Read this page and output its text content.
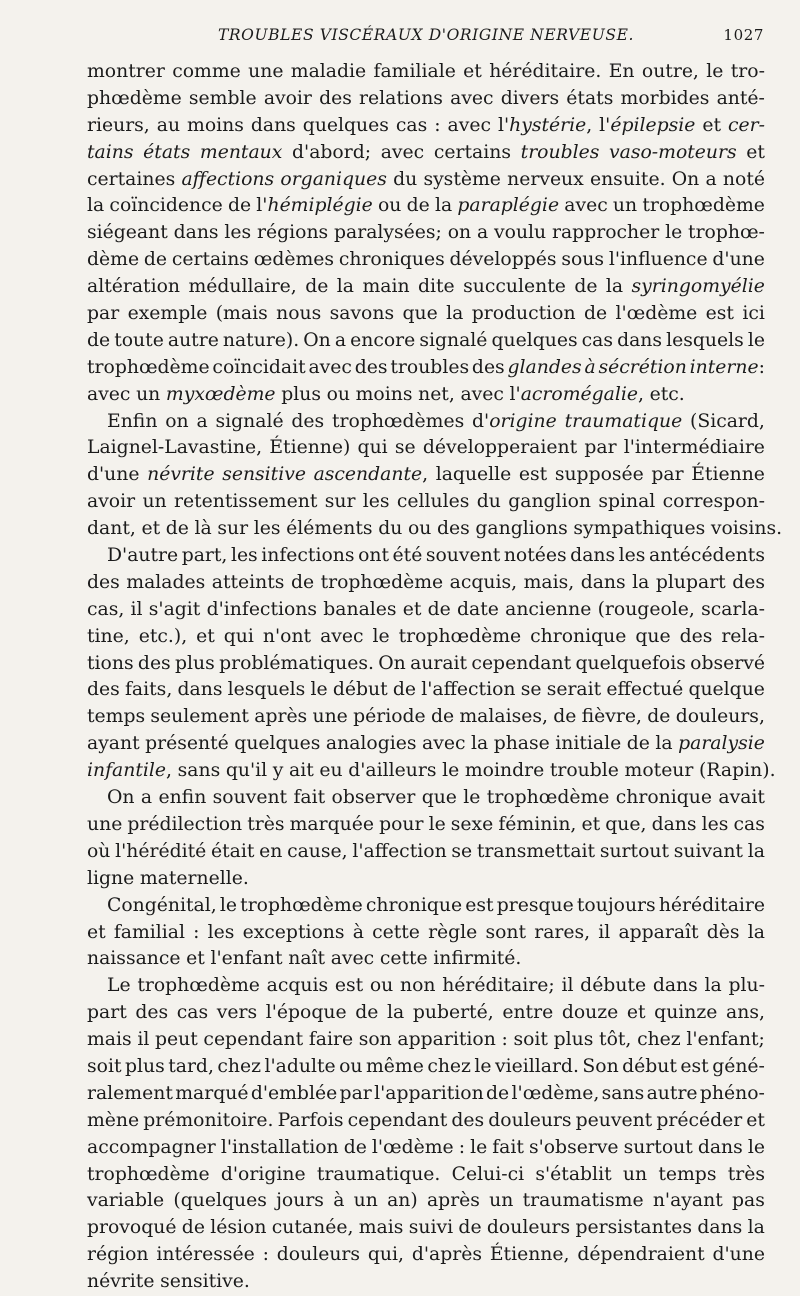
TROUBLES VISCÉRAUX D'ORIGINE NERVEUSE.	1027
montrer comme une maladie familiale et héréditaire. En outre, le tro-
phœdème semble avoir des relations avec divers états morbides anté-
rieurs, au moins dans quelques cas : avec l'hystérie, l'épilepsie et cer-
tains états mentaux d'abord; avec certains troubles vaso-moteurs et
certaines affections organiques du système nerveux ensuite. On a noté
la coïncidence de l'hémiplégie ou de la paraplégie avec un trophœdème
siégeant dans les régions paralysées; on a voulu rapprocher le trophœ-
dème de certains œdèmes chroniques développés sous l'influence d'une
altération médullaire, de la main dite succulente de la syringomyélie
par exemple (mais nous savons que la production de l'œdème est ici
de toute autre nature). On a encore signalé quelques cas dans lesquels le
trophœdème coïncidait avec des troubles des glandes à sécrétion interne:
avec un myxœdème plus ou moins net, avec l'acromégalie, etc.
Enfin on a signalé des trophœdèmes d'origine traumatique (Sicard,
Laignel-Lavastine, Étienne) qui se développeraient par l'intermédiaire
d'une névrite sensitive ascendante, laquelle est supposée par Étienne
avoir un retentissement sur les cellules du ganglion spinal correspon-
dant, et de là sur les éléments du ou des ganglions sympathiques voisins.
D'autre part, les infections ont été souvent notées dans les antécédents
des malades atteints de trophœdème acquis, mais, dans la plupart des
cas, il s'agit d'infections banales et de date ancienne (rougeole, scarla-
tine, etc.), et qui n'ont avec le trophœdème chronique que des rela-
tions des plus problématiques. On aurait cependant quelquefois observé
des faits, dans lesquels le début de l'affection se serait effectué quelque
temps seulement après une période de malaises, de fièvre, de douleurs,
ayant présenté quelques analogies avec la phase initiale de la paralysie
infantile, sans qu'il y ait eu d'ailleurs le moindre trouble moteur (Rapin).
On a enfin souvent fait observer que le trophœdème chronique avait
une prédilection très marquée pour le sexe féminin, et que, dans les cas
où l'hérédité était en cause, l'affection se transmettait surtout suivant la
ligne maternelle.
Congénital, le trophœdème chronique est presque toujours héréditaire
et familial : les exceptions à cette règle sont rares, il apparaît dès la
naissance et l'enfant naît avec cette infirmité.
Le trophœdème acquis est ou non héréditaire; il débute dans la plu-
part des cas vers l'époque de la puberté, entre douze et quinze ans,
mais il peut cependant faire son apparition : soit plus tôt, chez l'enfant;
soit plus tard, chez l'adulte ou même chez le vieillard. Son début est géné-
ralement marqué d'emblée par l'apparition de l'œdème, sans autre phéno-
mène prémonitoire. Parfois cependant des douleurs peuvent précéder et
accompagner l'installation de l'œdème : le fait s'observe surtout dans le
trophœdème d'origine traumatique. Celui-ci s'établit un temps très
variable (quelques jours à un an) après un traumatisme n'ayant pas
provoqué de lésion cutanée, mais suivi de douleurs persistantes dans la
région intéressée : douleurs qui, d'après Étienne, dépendraient d'une
névrite sensitive.
